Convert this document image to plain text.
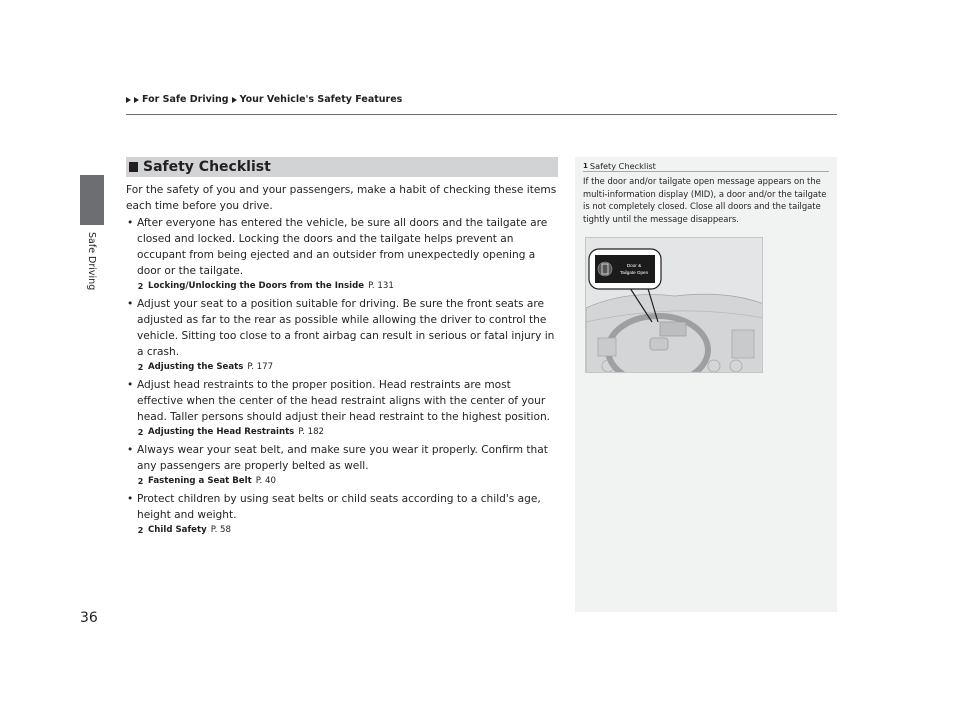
For Safe Driving Your Vehicle's Safety Features
Safe Driving
Safety Checklist

For the safety of you and your passengers, make a habit of checking these items each time before you drive.

• After everyone has entered the vehicle, be sure all doors and the tailgate are closed and locked. Locking the doors and the tailgate helps prevent an occupant from being ejected and an outsider from unexpectedly opening a door or the tailgate.
2 Locking/Unlocking the Doors from the Inside P. 131
• Adjust your seat to a position suitable for driving. Be sure the front seats are adjusted as far to the rear as possible while allowing the driver to control the vehicle. Sitting too close to a front airbag can result in serious or fatal injury in a crash.
2 Adjusting the Seats P. 177
• Adjust head restraints to the proper position. Head restraints are most effective when the center of the head restraint aligns with the center of your head. Taller persons should adjust their head restraint to the highest position.
2 Adjusting the Head Restraints P. 182
• Always wear your seat belt, and make sure you wear it properly. Confirm that any passengers are properly belted as well.
2 Fastening a Seat Belt P. 40
• Protect children by using seat belts or child seats according to a child's age, height and weight.
2 Child Safety P. 58
1 Safety Checklist

If the door and/or tailgate open message appears on the multi-information display (MID), a door and/or the tailgate is not completely closed. Close all doors and the tailgate tightly until the message disappears.

Door &
Tailgate Open
36
